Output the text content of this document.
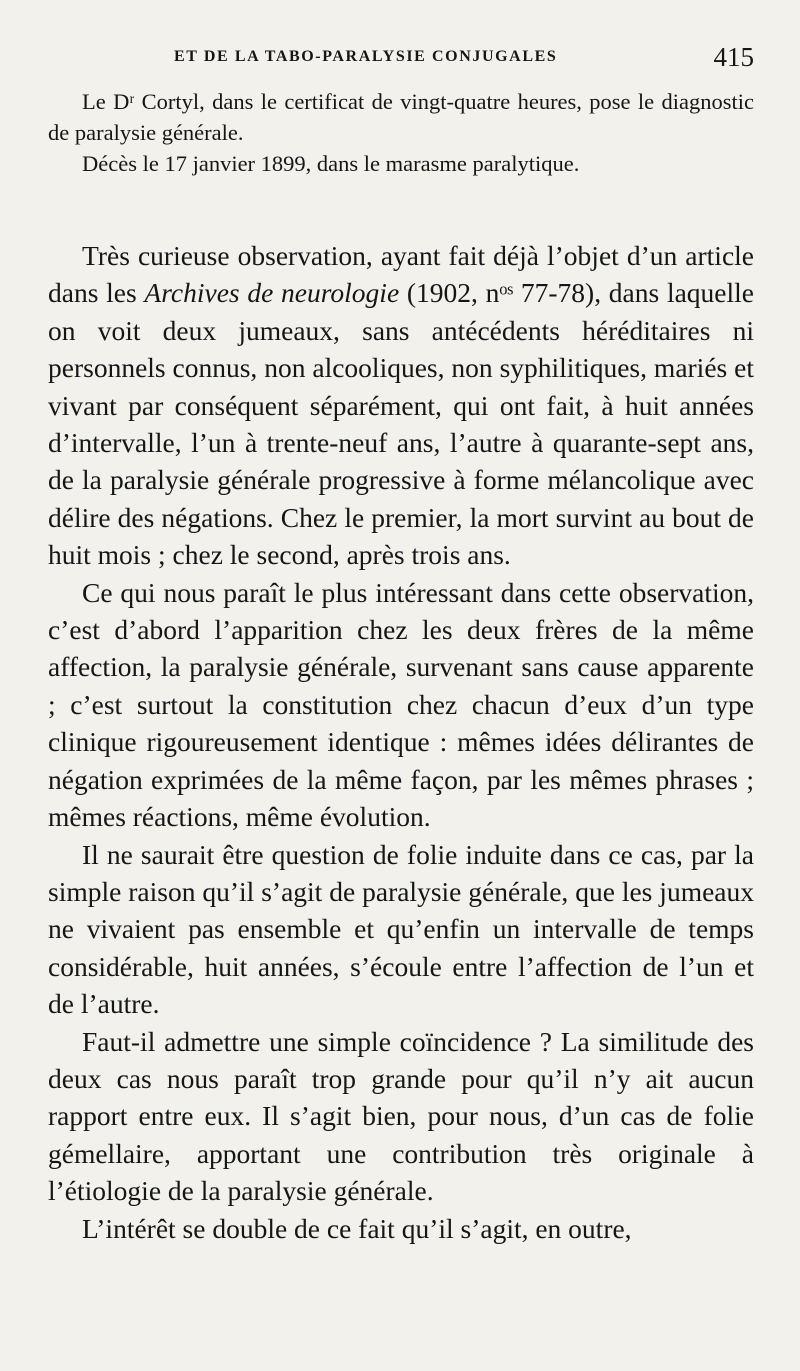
ET DE LA TABO-PARALYSIE CONJUGALES	415

Le Dʳ Cortyl, dans le certificat de vingt-quatre heures, pose le diagnostic de paralysie générale.

Décès le 17 janvier 1899, dans le marasme paralytique.

Très curieuse observation, ayant fait déjà l’objet d’un article dans les Archives de neurologie (1902, nᵒˢ 77-78), dans laquelle on voit deux jumeaux, sans antécédents héréditaires ni personnels connus, non alcooliques, non syphilitiques, mariés et vivant par conséquent séparément, qui ont fait, à huit années d’intervalle, l’un à trente-neuf ans, l’autre à quarante-sept ans, de la paralysie générale progressive à forme mélancolique avec délire des négations. Chez le premier, la mort survint au bout de huit mois ; chez le second, après trois ans.

Ce qui nous paraît le plus intéressant dans cette observation, c’est d’abord l’apparition chez les deux frères de la même affection, la paralysie générale, survenant sans cause apparente ; c’est surtout la constitution chez chacun d’eux d’un type clinique rigoureusement identique : mêmes idées délirantes de négation exprimées de la même façon, par les mêmes phrases ; mêmes réactions, même évolution.

Il ne saurait être question de folie induite dans ce cas, par la simple raison qu’il s’agit de paralysie générale, que les jumeaux ne vivaient pas ensemble et qu’enfin un intervalle de temps considérable, huit années, s’écoule entre l’affection de l’un et de l’autre.

Faut-il admettre une simple coïncidence ? La similitude des deux cas nous paraît trop grande pour qu’il n’y ait aucun rapport entre eux. Il s’agit bien, pour nous, d’un cas de folie gémellaire, apportant une contribution très originale à l’étiologie de la paralysie générale.

L’intérêt se double de ce fait qu’il s’agit, en outre,
